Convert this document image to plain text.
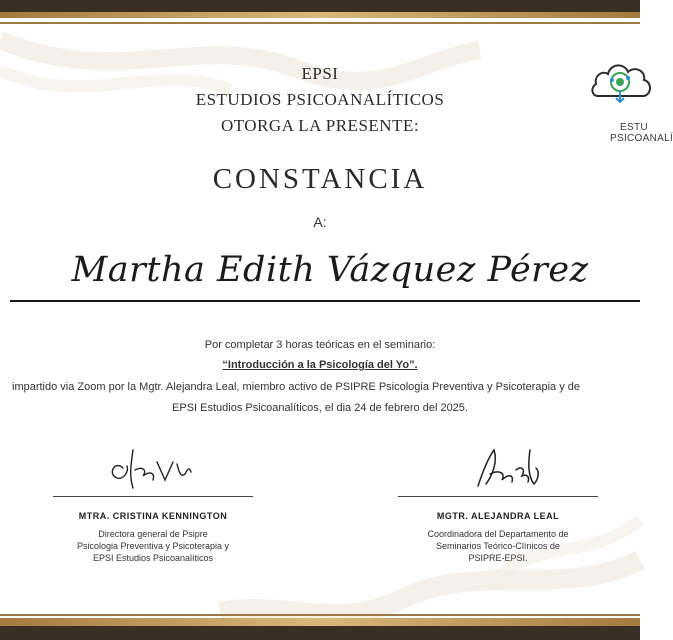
ESTU
PSICOANALÍ
EPSI
ESTUDIOS PSICOANALÍTICOS
OTORGA LA PRESENTE:
CONSTANCIA
A:
Martha Edith Vázquez Pérez
Por completar 3 horas teóricas en el seminario:
“Introducción a la Psicología del Yo”.
impartido via Zoom por la Mgtr. Alejandra Leal, miembro activo de PSIPRE Psicologia Preventiva y Psicoterapia y de
EPSI Estudios Psicoanalíticos, el dia 24 de febrero del 2025.
MTRA. CRISTINA KENNINGTON
Directora general de Psipre
Psicologia Preventiva y Psicoterapia y
EPSI Estudios Psicoanalíticos
MGTR. ALEJANDRA LEAL
Coordinadora del Departamento de
Seminarios Teórico-Clínicos de
PSIPRE-EPSI.
